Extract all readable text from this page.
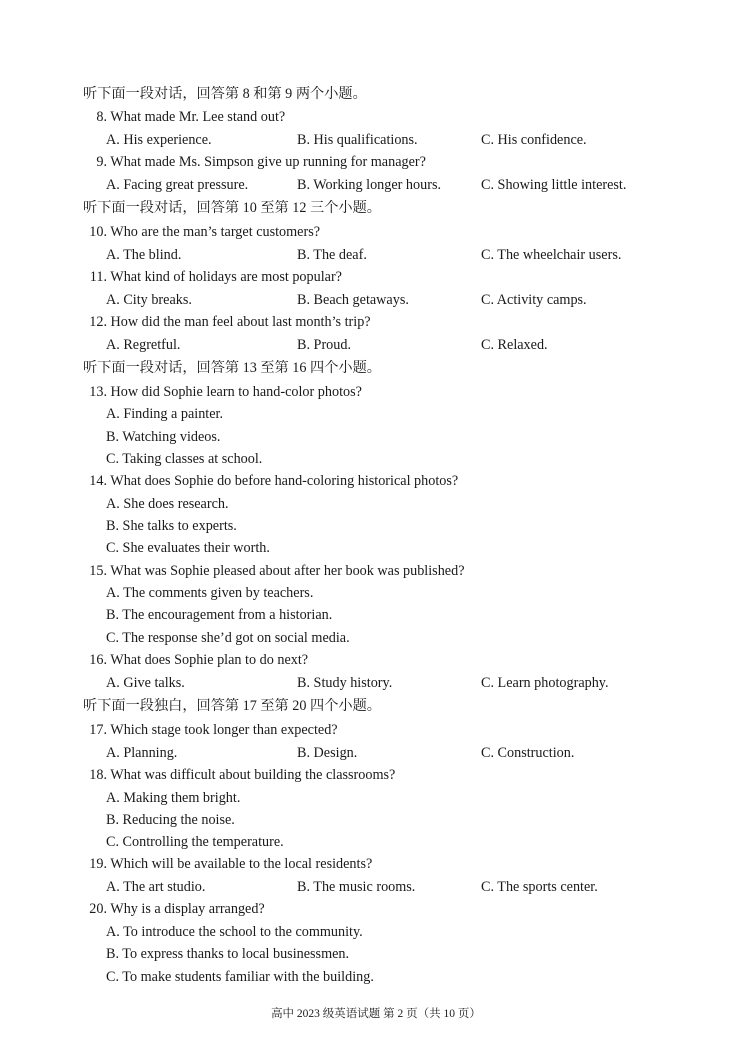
听下面一段对话，回答第 8 和第 9 两个小题。
8. What made Mr. Lee stand out?
A. His experience.	B. His qualifications.	C. His confidence.
9. What made Ms. Simpson give up running for manager?
A. Facing great pressure.	B. Working longer hours.	C. Showing little interest.
听下面一段对话，回答第 10 至第 12 三个小题。
10. Who are the man’s target customers?
A. The blind.	B. The deaf.	C. The wheelchair users.
11. What kind of holidays are most popular?
A. City breaks.	B. Beach getaways.	C. Activity camps.
12. How did the man feel about last month’s trip?
A. Regretful.	B. Proud.	C. Relaxed.
听下面一段对话，回答第 13 至第 16 四个小题。
13. How did Sophie learn to hand-color photos?
A. Finding a painter.
B. Watching videos.
C. Taking classes at school.
14. What does Sophie do before hand-coloring historical photos?
A. She does research.
B. She talks to experts.
C. She evaluates their worth.
15. What was Sophie pleased about after her book was published?
A. The comments given by teachers.
B. The encouragement from a historian.
C. The response she’d got on social media.
16. What does Sophie plan to do next?
A. Give talks.	B. Study history.	C. Learn photography.
听下面一段独白，回答第 17 至第 20 四个小题。
17. Which stage took longer than expected?
A. Planning.	B. Design.	C. Construction.
18. What was difficult about building the classrooms?
A. Making them bright.
B. Reducing the noise.
C. Controlling the temperature.
19. Which will be available to the local residents?
A. The art studio.	B. The music rooms.	C. The sports center.
20. Why is a display arranged?
A. To introduce the school to the community.
B. To express thanks to local businessmen.
C. To make students familiar with the building.
高中 2023 级英语试题 第 2 页（共 10 页）
